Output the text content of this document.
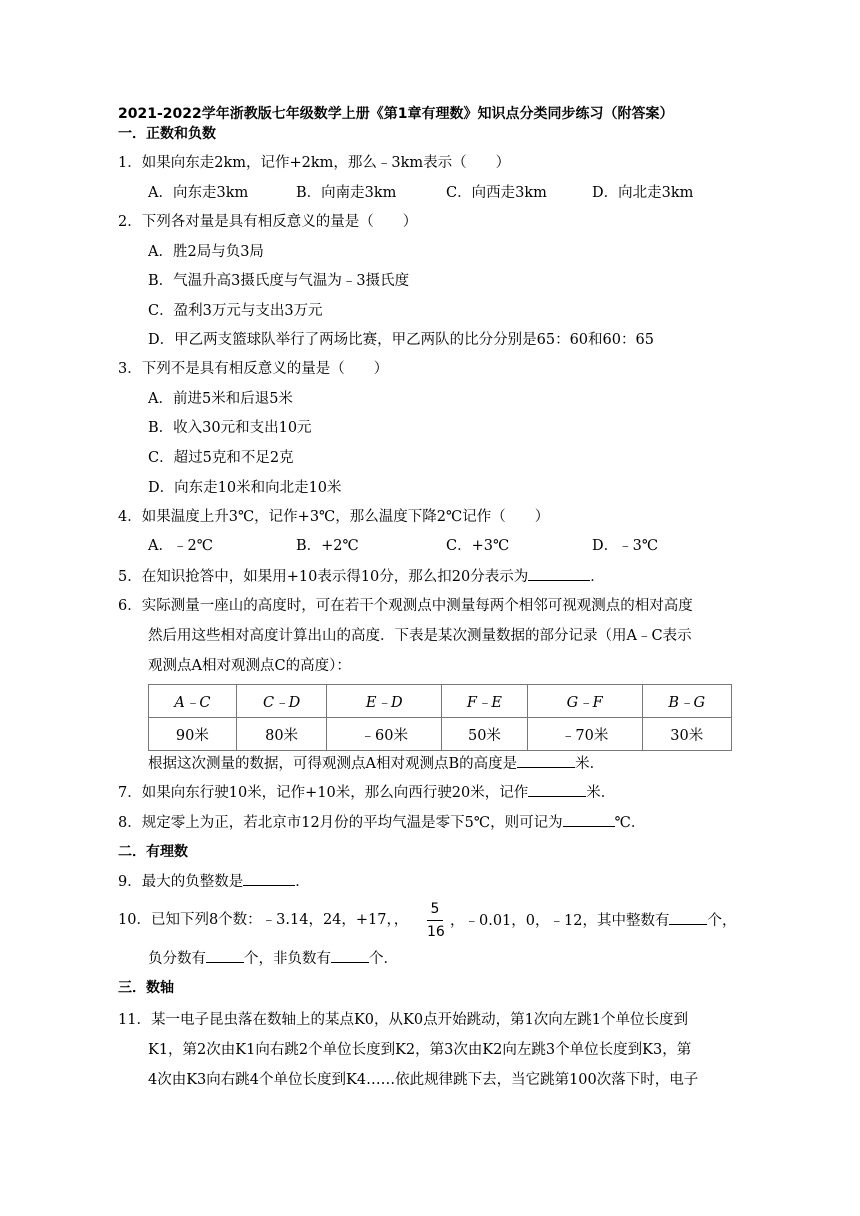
2021-2022学年浙教版七年级数学上册《第1章有理数》知识点分类同步练习（附答案）
一．正数和负数
1．如果向东走2km，记作+2km，那么﹣3km表示（　　）
A．向东走3km	B．向南走3km	C．向西走3km	D．向北走3km
2．下列各对量是具有相反意义的量是（　　）
A．胜2局与负3局
B．气温升高3摄氏度与气温为﹣3摄氏度
C．盈利3万元与支出3万元
D．甲乙两支篮球队举行了两场比赛，甲乙两队的比分分别是65：60和60：65
3．下列不是具有相反意义的量是（　　）
A．前进5米和后退5米
B．收入30元和支出10元
C．超过5克和不足2克
D．向东走10米和向北走10米
4．如果温度上升3℃，记作+3℃，那么温度下降2℃记作（　　）
A．﹣2℃	B．+2℃	C．+3℃	D．﹣3℃
5．在知识抢答中，如果用+10表示得10分，那么扣20分表示为	．
6．实际测量一座山的高度时，可在若干个观测点中测量每两个相邻可视观测点的相对高度
然后用这些相对高度计算出山的高度．下表是某次测量数据的部分记录（用A﹣C表示
观测点A相对观测点C的高度）：
A﹣C	C﹣D	E﹣D	F﹣E	G﹣F	B﹣G
90米	80米	﹣60米	50米	﹣70米	30米
根据这次测量的数据，可得观测点A相对观测点B的高度是	米．
7．如果向东行驶10米，记作+10米，那么向西行驶20米，记作	米．
8．规定零上为正，若北京市12月份的平均气温是零下5℃，则可记为	℃．
二．有理数
9．最大的负整数是	．
10．已知下列8个数：﹣3.14，24，+17，，
5
16
，﹣0.01，0，﹣12，其中整数有	个，
负分数有	个，非负数有	个．
三．数轴
11．某一电子昆虫落在数轴上的某点K0，从K0点开始跳动，第1次向左跳1个单位长度到
K1，第2次由K1向右跳2个单位长度到K2，第3次由K2向左跳3个单位长度到K3，第
4次由K3向右跳4个单位长度到K4……依此规律跳下去，当它跳第100次落下时，电子
